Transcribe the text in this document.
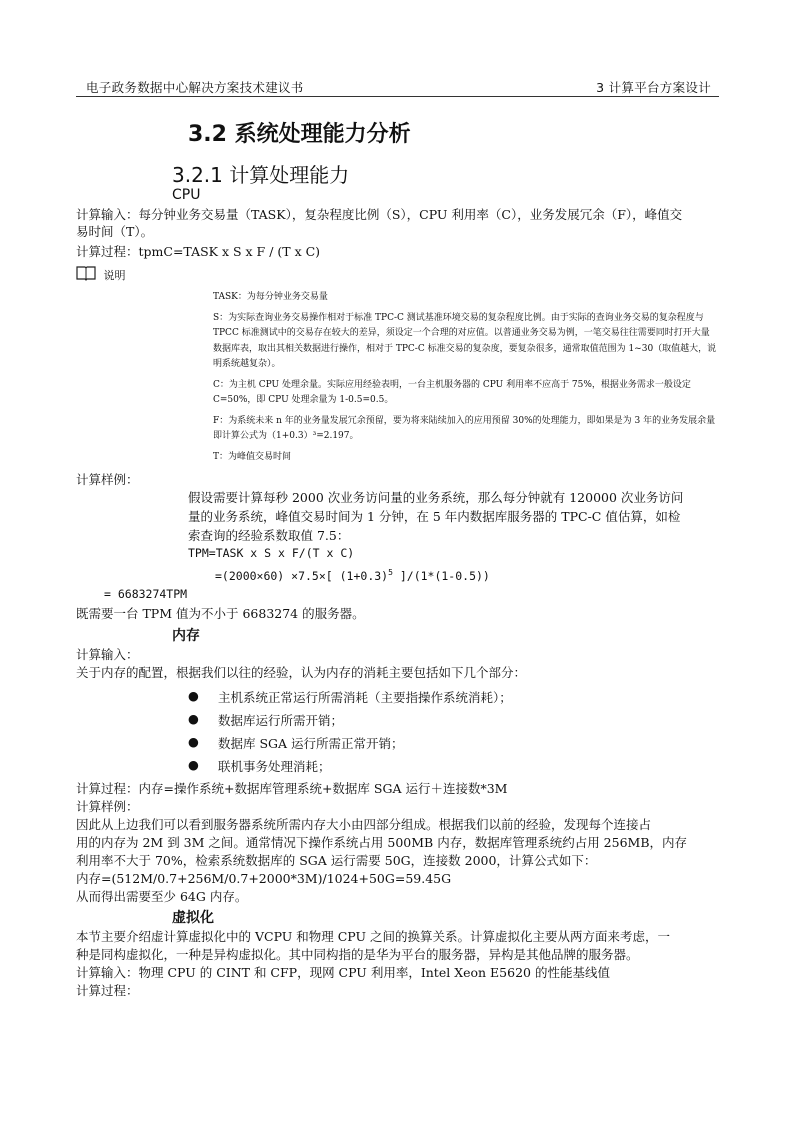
电子政务数据中心解决方案技术建议书	3 计算平台方案设计
3.2 系统处理能力分析
3.2.1 计算处理能力
CPU
计算输入：每分钟业务交易量（TASK），复杂程度比例（S），CPU 利用率（C），业务发展冗余（F），峰值交
易时间（T）。
计算过程：tpmC=TASK x S x F / (T x C)
说明

TASK：为每分钟业务交易量

S：为实际查询业务交易操作相对于标准 TPC-C 测试基准环境交易的复杂程度比例。由于实际的查询业务交易的复杂程度与 TPCC 标准测试中的交易存在较大的差异，须设定一个合理的对应值。以普通业务交易为例，一笔交易往往需要同时打开大量数据库表，取出其相关数据进行操作，相对于 TPC-C 标准交易的复杂度，要复杂很多，通常取值范围为 1~30（取值越大，说明系统越复杂）。

C：为主机 CPU 处理余量。实际应用经验表明，一台主机服务器的 CPU 利用率不应高于 75%，根据业务需求一般设定 C=50%，即 CPU 处理余量为 1-0.5=0.5。

F：为系统未来 n 年的业务量发展冗余预留，要为将来陆续加入的应用预留 30%的处理能力，即如果是为 3 年的业务发展余量即计算公式为（1+0.3）³=2.197。

T：为峰值交易时间

计算样例：
假设需要计算每秒 2000 次业务访问量的业务系统，那么每分钟就有 120000 次业务访问
量的业务系统，峰值交易时间为 1 分钟，在 5 年内数据库服务器的 TPC-C 值估算，如检
索查询的经验系数取值 7.5：
TPM=TASK x S x F/(T x C)
=(2000×60) ×7.5×[ $(1+0.3)^5$ ]/(1*(1-0.5))
= 6683274TPM
既需要一台 TPM 值为不小于 6683274 的服务器。
内存
计算输入：
关于内存的配置，根据我们以往的经验，认为内存的消耗主要包括如下几个部分：
● 主机系统正常运行所需消耗（主要指操作系统消耗）；
● 数据库运行所需开销；
● 数据库 SGA 运行所需正常开销；
● 联机事务处理消耗；
计算过程：内存=操作系统+数据库管理系统+数据库 SGA 运行＋连接数*3M
计算样例：
因此从上边我们可以看到服务器系统所需内存大小由四部分组成。根据我们以前的经验，发现每个连接占
用的内存为 2M 到 3M 之间。通常情况下操作系统占用 500MB 内存，数据库管理系统约占用 256MB，内存
利用率不大于 70%，检索系统数据库的 SGA 运行需要 50G，连接数 2000，计算公式如下：
内存=(512M/0.7+256M/0.7+2000*3M)/1024+50G=59.45G
从而得出需要至少 64G 内存。
虚拟化
本节主要介绍虚计算虚拟化中的 VCPU 和物理 CPU 之间的换算关系。计算虚拟化主要从两方面来考虑，一
种是同构虚拟化，一种是异构虚拟化。其中同构指的是华为平台的服务器，异构是其他品牌的服务器。
计算输入：物理 CPU 的 CINT 和 CFP，现网 CPU 利用率，Intel Xeon E5620 的性能基线值
计算过程：
